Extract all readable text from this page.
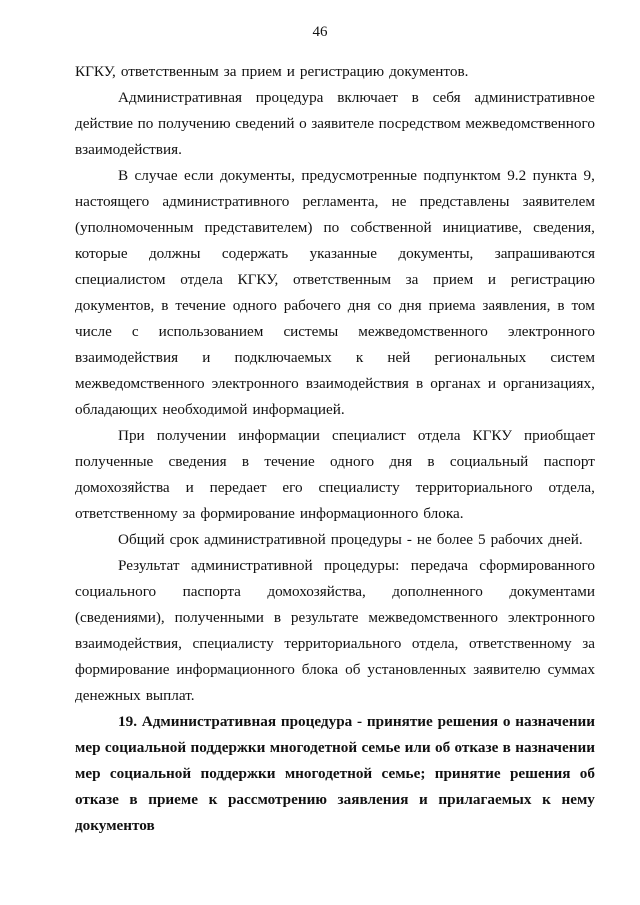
46
КГКУ, ответственным за прием и регистрацию документов.
Административная процедура включает в себя административное
действие по получению сведений о заявителе посредством межведомственного
взаимодействия.
В случае если документы, предусмотренные подпунктом 9.2 пункта 9,
настоящего административного регламента, не представлены заявителем
(уполномоченным представителем) по собственной инициативе, сведения,
которые должны содержать указанные документы, запрашиваются
специалистом отдела КГКУ, ответственным за прием и регистрацию
документов, в течение одного рабочего дня со дня приема заявления, в том
числе с использованием системы межведомственного электронного
взаимодействия и подключаемых к ней региональных систем
межведомственного электронного взаимодействия в органах и организациях,
обладающих необходимой информацией.
При получении информации специалист отдела КГКУ приобщает
полученные сведения в течение одного дня в социальный паспорт
домохозяйства и передает его специалисту территориального отдела,
ответственному за формирование информационного блока.
Общий срок административной процедуры - не более 5 рабочих дней.
Результат административной процедуры: передача сформированного
социального паспорта домохозяйства, дополненного документами
(сведениями), полученными в результате межведомственного электронного
взаимодействия, специалисту территориального отдела, ответственному за
формирование информационного блока об установленных заявителю суммах
денежных выплат.
19. Административная процедура - принятие решения о назначении
мер социальной поддержки многодетной семье или об отказе в назначении
мер социальной поддержки многодетной семье; принятие решения об
отказе в приеме к рассмотрению заявления и прилагаемых к нему
документов
